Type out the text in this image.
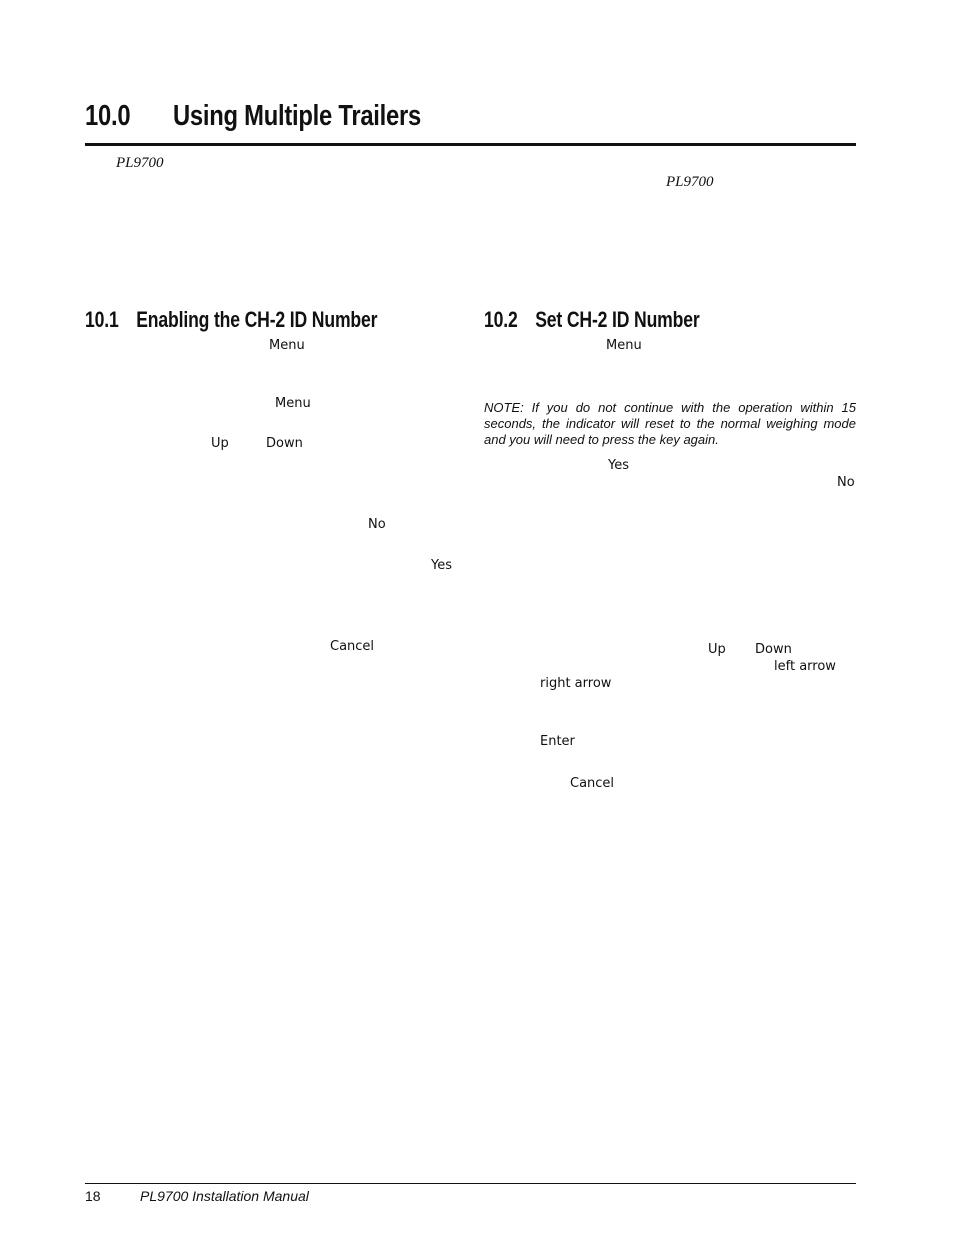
10.0 Using Multiple Trailers
PL9700
PL9700
10.1 Enabling the CH-2 ID Number
Menu
Menu
Up	Down
No
Yes
Cancel
10.2 Set CH-2 ID Number
Menu
NOTE: If you do not continue with the operation within 15 seconds, the indicator will reset to the normal weighing mode and you will need to press the key again.
Yes
No
Up Down
left arrow
right arrow
Enter
Cancel
18	PL9700 Installation Manual
